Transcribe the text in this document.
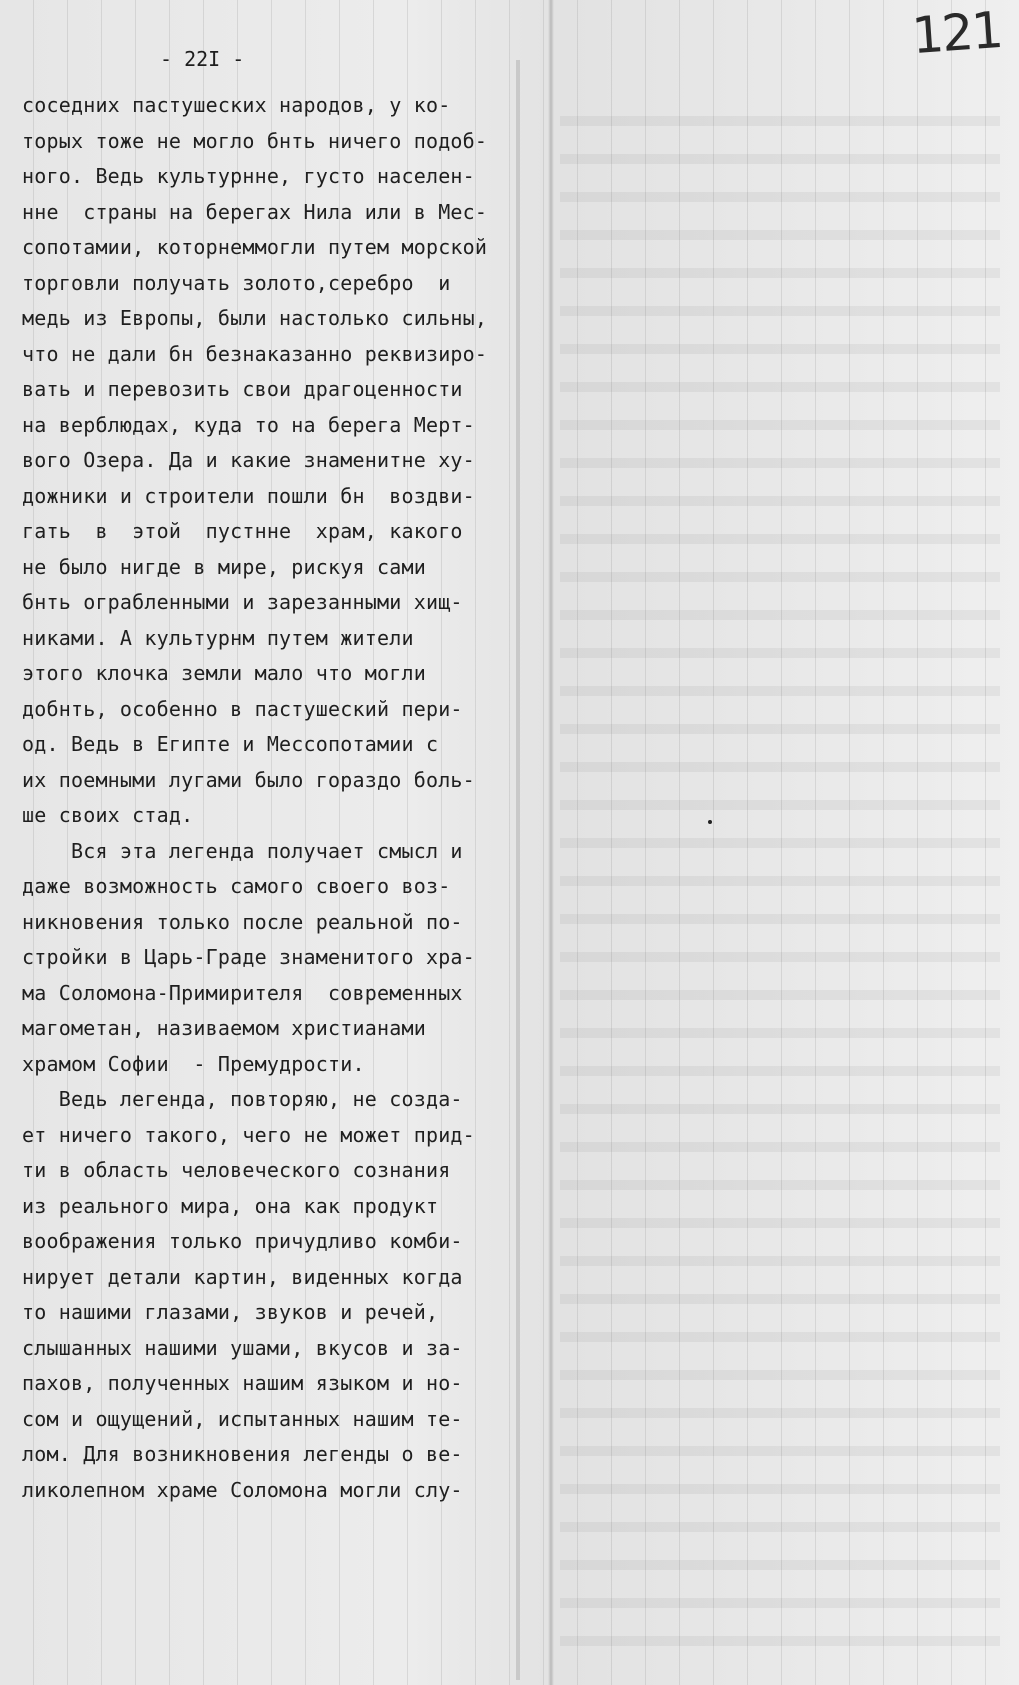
121
- 22I -
соседних пастушеских народов, у ко-
торых тоже не могло бнть ничего подоб-
ного. Ведь культурнне, густо населен-
нне  страны на берегах Нила или в Мес-
сопотамии, которнеммогли путем морской
торговли получать золото,серебро  и
медь из Европы, были настолько сильны,
что не дали бн безнаказанно реквизиро-
вать и перевозить свои драгоценности
на верблюдах, куда то на берега Мерт-
вого Озера. Да и какие знаменитне ху-
дожники и строители пошли бн  воздви-
гать  в  этой  пустнне  храм, какого
не было нигде в мире, рискуя сами
бнть ограбленными и зарезанными хищ-
никами. А культурнм путем жители
этого клочка земли мало что могли
добнть, особенно в пастушеский пери-
од. Ведь в Египте и Мессопотамии с
их поемными лугами было гораздо боль-
ше своих стад.
Вся эта легенда получает смысл и
даже возможность самого своего воз-
никновения только после реальной по-
стройки в Царь-Граде знаменитого хра-
ма Соломона-Примирителя  современных
магометан, називаемом христианами
храмом Софии  - Премудрости.
Ведь легенда, повторяю, не созда-
ет ничего такого, чего не может прид-
ти в область человеческого сознания
из реального мира, она как продукт
воображения только причудливо комби-
нирует детали картин, виденных когда
то нашими глазами, звуков и речей,
слышанных нашими ушами, вкусов и за-
пахов, полученных нашим языком и но-
сом и ощущений, испытанных нашим те-
лом. Для возникновения легенды о ве-
ликолепном храме Соломона могли слу-
